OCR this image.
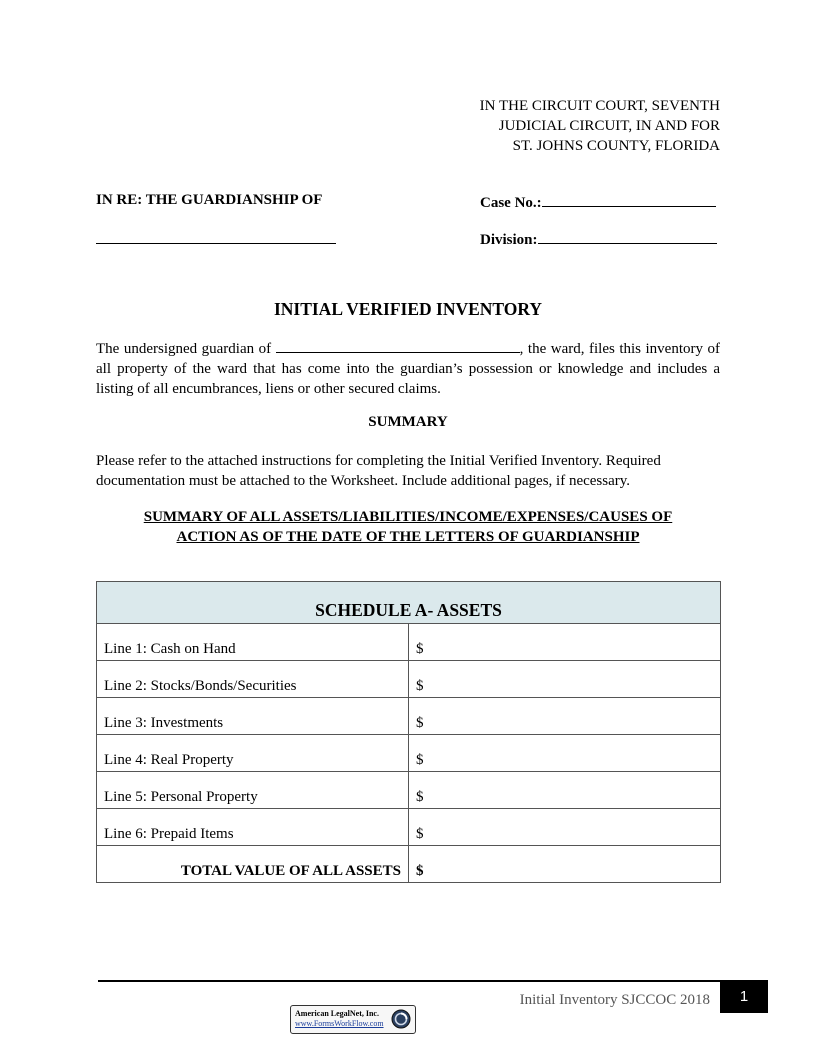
IN THE CIRCUIT COURT, SEVENTH
JUDICIAL CIRCUIT, IN AND FOR
ST. JOHNS COUNTY, FLORIDA
IN RE: THE GUARDIANSHIP OF	Case No.:
Division:
INITIAL VERIFIED INVENTORY
The undersigned guardian of	, the ward, files this inventory of all property of the ward that has come into the guardian’s possession or knowledge and includes a listing of all encumbrances, liens or other secured claims.
SUMMARY
Please refer to the attached instructions for completing the Initial Verified Inventory. Required documentation must be attached to the Worksheet. Include additional pages, if necessary.
SUMMARY OF ALL ASSETS/LIABILITIES/INCOME/EXPENSES/CAUSES OF
ACTION AS OF THE DATE OF THE LETTERS OF GUARDIANSHIP
SCHEDULE A- ASSETS	
Line 1: Cash on Hand	$
Line 2: Stocks/Bonds/Securities	$
Line 3: Investments	$
Line 4: Real Property	$
Line 5: Personal Property	$
Line 6: Prepaid Items	$
TOTAL VALUE OF ALL ASSETS	$
Initial Inventory SJCCOC 2018	1
American LegalNet, Inc.
www.FormsWorkFlow.com
